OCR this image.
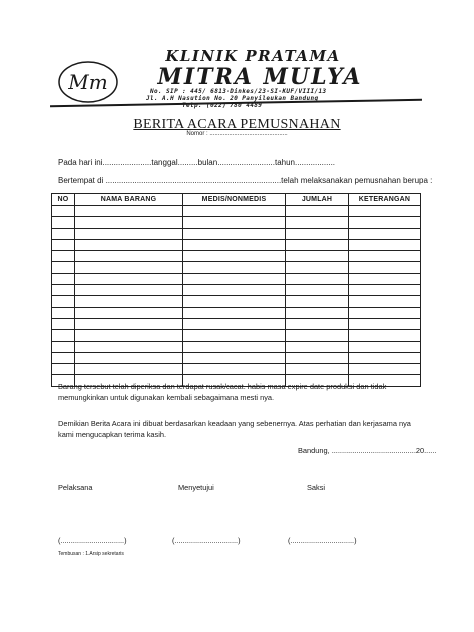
Mm
KLINIK PRATAMA
MITRA MULYA
No. SIP : 445/ 6813-Dinkes/23-SI-KUF/VIII/13
Jl. A.H Nasution No. 20 Panyileukan Bandung
Telp. (022) 780 4489
BERITA ACARA PEMUSNAHAN
Nomor : ...............................................
Pada hari ini......................tanggal.........bulan..........................tahun..................
Bertempat di ...............................................................................telah melaksanakan pemusnahan berupa :
NO	NAMA BARANG	MEDIS/NONMEDIS	JUMLAH	KETERANGAN

Barang tersebut telah diperiksa dan terdapat rusak/cacat. habis masa expire date produksi dan tidak memungkinkan untuk digunakan kembali sebagaimana mesti nya.
Demikian Berita Acara ini dibuat berdasarkan keadaan yang sebenernya. Atas perhatian dan kerjasama nya kami mengucapkan terima kasih.
Bandung, .........................................20......
Pelaksana	Menyetujui	Saksi
(...............................)	(...............................)	(...............................)
Tembusan : 1.Arsip sekretaris
